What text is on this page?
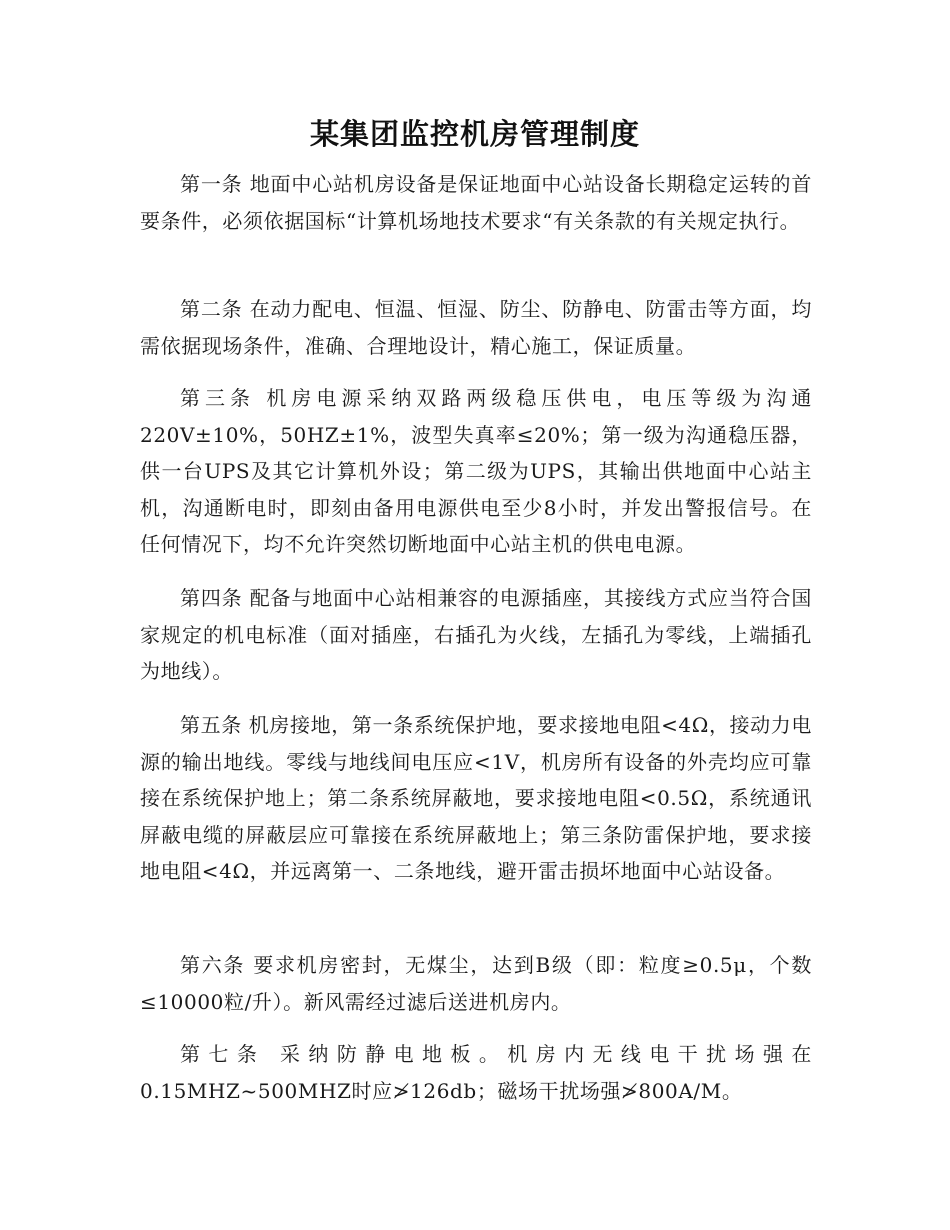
某集团监控机房管理制度

第一条 地面中心站机房设备是保证地面中心站设备长期稳定运转的首要条件，必须依据国标“计算机场地技术要求“有关条款的有关规定执行。

第二条 在动力配电、恒温、恒湿、防尘、防静电、防雷击等方面，均需依据现场条件，准确、合理地设计，精心施工，保证质量。

第三条 机房电源采纳双路两级稳压供电，电压等级为沟通220V±10%，50HZ±1%，波型失真率≤20%；第一级为沟通稳压器，供一台UPS及其它计算机外设；第二级为UPS，其输出供地面中心站主机，沟通断电时，即刻由备用电源供电至少8小时，并发出警报信号。在任何情况下，均不允许突然切断地面中心站主机的供电电源。

第四条 配备与地面中心站相兼容的电源插座，其接线方式应当符合国家规定的机电标准（面对插座，右插孔为火线，左插孔为零线，上端插孔为地线）。

第五条 机房接地，第一条系统保护地，要求接地电阻<4Ω，接动力电源的输出地线。零线与地线间电压应<1V，机房所有设备的外壳均应可靠接在系统保护地上；第二条系统屏蔽地，要求接地电阻<0.5Ω，系统通讯屏蔽电缆的屏蔽层应可靠接在系统屏蔽地上；第三条防雷保护地，要求接地电阻<4Ω，并远离第一、二条地线，避开雷击损坏地面中心站设备。

第六条 要求机房密封，无煤尘，达到B级（即：粒度≥0.5μ，个数≤10000粒/升）。新风需经过滤后送进机房内。

第七条 采纳防静电地板。机房内无线电干扰场强在0.15MHZ~500MHZ时应≯126db；磁场干扰场强≯800A/M。
